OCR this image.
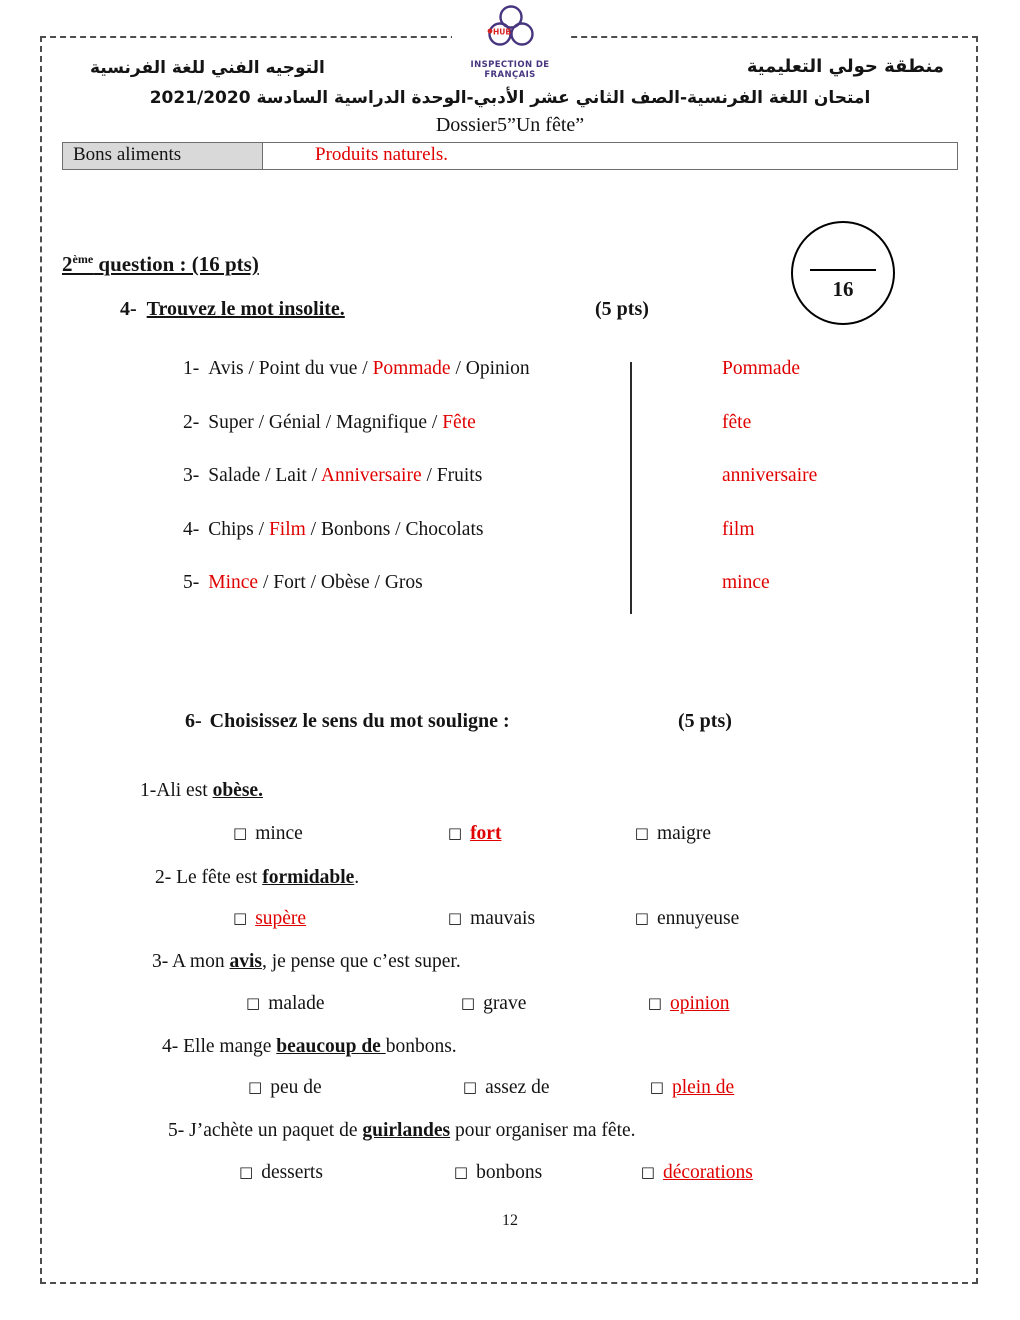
HUB
INSPECTION DE FRANÇAIS	منطقة حولي التعليمية
التوجيه الفني للغة الفرنسية
امتحان اللغة الفرنسية-الصف الثاني عشر الأدبي-الوحدة الدراسية السادسة 2021/2020
Dossier5”Un fête”
Bons aliments	Produits naturels.
16
2ème question : (16 pts)
4- Trouvez le mot insolite.	(5 pts)
1- Avis / Point du vue / Pommade / Opinion	Pommade
2- Super / Génial / Magnifique / Fête	fête
3- Salade / Lait / Anniversaire / Fruits	anniversaire
4- Chips / Film / Bonbons / Chocolats	film
5- Mince / Fort / Obèse / Gros	mince
6- Choisissez le sens du mot souligne :	(5 pts)
1-Ali est obèse.
□ mince	□ fort	□ maigre
2- Le fête est formidable.
□ supère	□ mauvais	□ ennuyeuse
3- A mon avis, je pense que c’est super.
□ malade	□ grave	□ opinion
4- Elle mange beaucoup de bonbons.
□ peu de	□ assez de	□ plein de
5- J’achète un paquet de guirlandes pour organiser ma fête.
□ desserts	□ bonbons	□ décorations
12
